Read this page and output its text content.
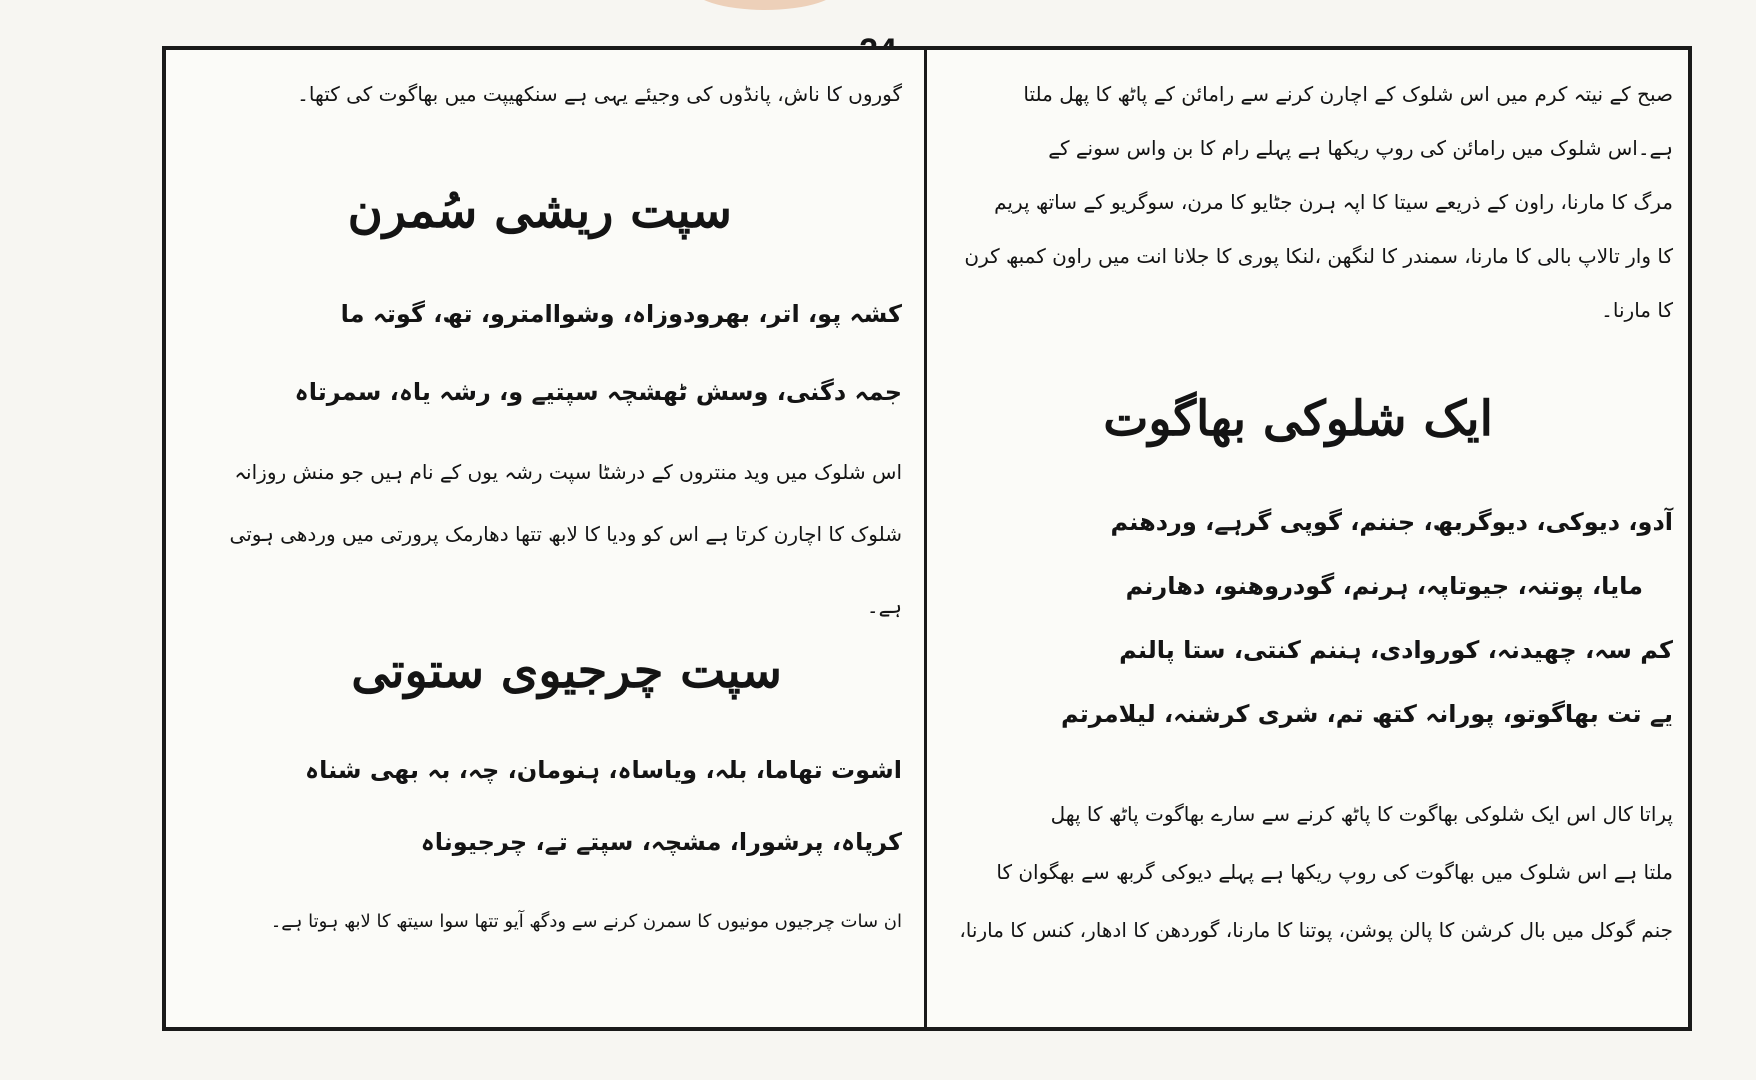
صبح کے نیتہ کرم میں اس شلوک کے اچارن کرنے سے رامائن کے پاٹھ کا پھل ملتا
ہے۔اس شلوک میں رامائن کی روپ ریکھا ہے پہلے رام کا بن واس سونے کے
مرگ کا مارنا، راون کے ذریعے سیتا کا اپہ ہرن جٹایو کا مرن، سوگریو کے ساتھ پریم
کا وار تالاپ بالی کا مارنا، سمندر کا لنگھن ،لنکا پوری کا جلانا انت میں راون کمبھ کرن
کا مارنا۔
ایک شلوکی بھاگوت
آدو، دیوکی، دیوگربھ، جننم، گوپی گرہے، وردھنم
مایا، پوتنہ، جیوتاپہ، ہرنم، گودروھنو، دھارنم
کم سہ، چھیدنہ، کوروادی، ہننم کنتی، ستا پالنم
یے تت بھاگوتو، پورانہ کتھ تم، شری کرشنہ، لیلامرتم
پراتا کال اس ایک شلوکی بھاگوت کا پاٹھ کرنے سے سارے بھاگوت پاٹھ کا پھل
ملتا ہے اس شلوک میں بھاگوت کی روپ ریکھا ہے پہلے دیوکی گربھ سے بھگوان کا
جنم گوکل میں بال کرشن کا پالن پوشن، پوتنا کا مارنا، گوردھن کا ادھار، کنس کا مارنا،
گوروں کا ناش، پانڈوں کی وجیئے یہی ہے سنکھیپت میں بھاگوت کی کتھا۔
سپت ریشی سُمرن
کشہ پو، اتر، بھرودوزاہ، وشواامترو، تھ، گوتہ ما
جمہ دگنی، وسش ٹھشچہ سپتیے و، رشہ یاہ، سمرتاہ
اس شلوک میں وید منتروں کے درشٹا سپت رشہ یوں کے نام ہیں جو منش روزانہ
شلوک کا اچارن کرتا ہے اس کو ودیا کا لابھ تتھا دھارمک پرورتی میں وردھی ہوتی
ہے۔
سپت چرجیوی ستوتی
اشوت تھاما، بلہ، ویاساہ، ہنومان، چہ، بہ بھی شناہ
کرپاہ، پرشورا، مشچہ، سپتے تے، چرجیوناہ
ان سات چرجیوں مونیوں کا سمرن کرنے سے ودگھ آیو تتھا سوا سیتھ کا لابھ ہوتا ہے۔
